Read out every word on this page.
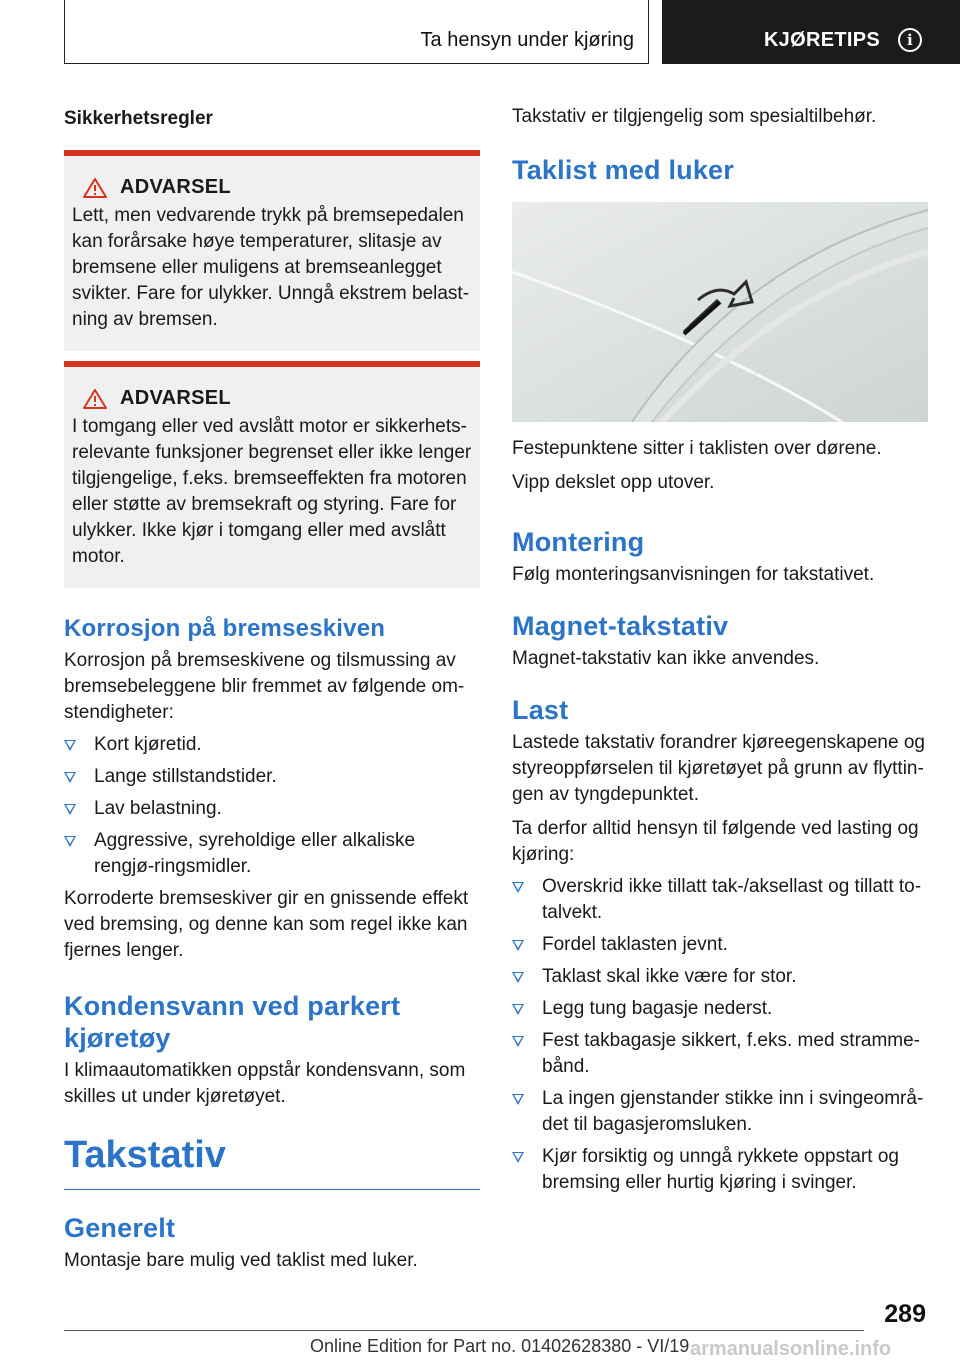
Ta hensyn under kjøring	KJØRETIPS	i

Sikkerhetsregler

ADVARSEL

Lett, men vedvarende trykk på bremsepedalen kan forårsake høye temperaturer, slitasje av bremsene eller muligens at bremseanlegget svikter. Fare for ulykker. Unngå ekstrem belast-ning av bremsen.

ADVARSEL

I tomgang eller ved avslått motor er sikkerhets-relevante funksjoner begrenset eller ikke lenger tilgjengelige, f.eks. bremseeffekten fra motoren eller støtte av bremsekraft og styring. Fare for ulykker. Ikke kjør i tomgang eller med avslått motor.

Korrosjon på bremseskiven

Korrosjon på bremseskivene og tilsmussing av bremsebeleggene blir fremmet av følgende om-stendigheter:

Kort kjøretid.
Lange stillstandstider.
Lav belastning.
Aggressive, syreholdige eller alkaliske rengjø-ringsmidler.

Korroderte bremseskiver gir en gnissende effekt ved bremsing, og denne kan som regel ikke kan fjernes lenger.

Kondensvann ved parkert kjøretøy

I klimaautomatikken oppstår kondensvann, som skilles ut under kjøretøyet.

Takstativ
Generelt

Montasje bare mulig ved taklist med luker.

Takstativ er tilgjengelig som spesialtilbehør.

Taklist med luker

Festepunktene sitter i taklisten over dørene.

Vipp dekslet opp utover.

Montering

Følg monteringsanvisningen for takstativet.

Magnet-takstativ

Magnet-takstativ kan ikke anvendes.

Last

Lastede takstativ forandrer kjøreegenskapene og styreoppførselen til kjøretøyet på grunn av flyttin-gen av tyngdepunktet.

Ta derfor alltid hensyn til følgende ved lasting og kjøring:

Overskrid ikke tillatt tak-/aksellast og tillatt to-talvekt.
Fordel taklasten jevnt.
Taklast skal ikke være for stor.
Legg tung bagasje nederst.
Fest takbagasje sikkert, f.eks. med stramme-bånd.
La ingen gjenstander stikke inn i svingeområ-det til bagasjeromsluken.
Kjør forsiktig og unngå rykkete oppstart og bremsing eller hurtig kjøring i svinger.
289
Online Edition for Part no. 01402628380 - VI/19 armanualsonline.info
